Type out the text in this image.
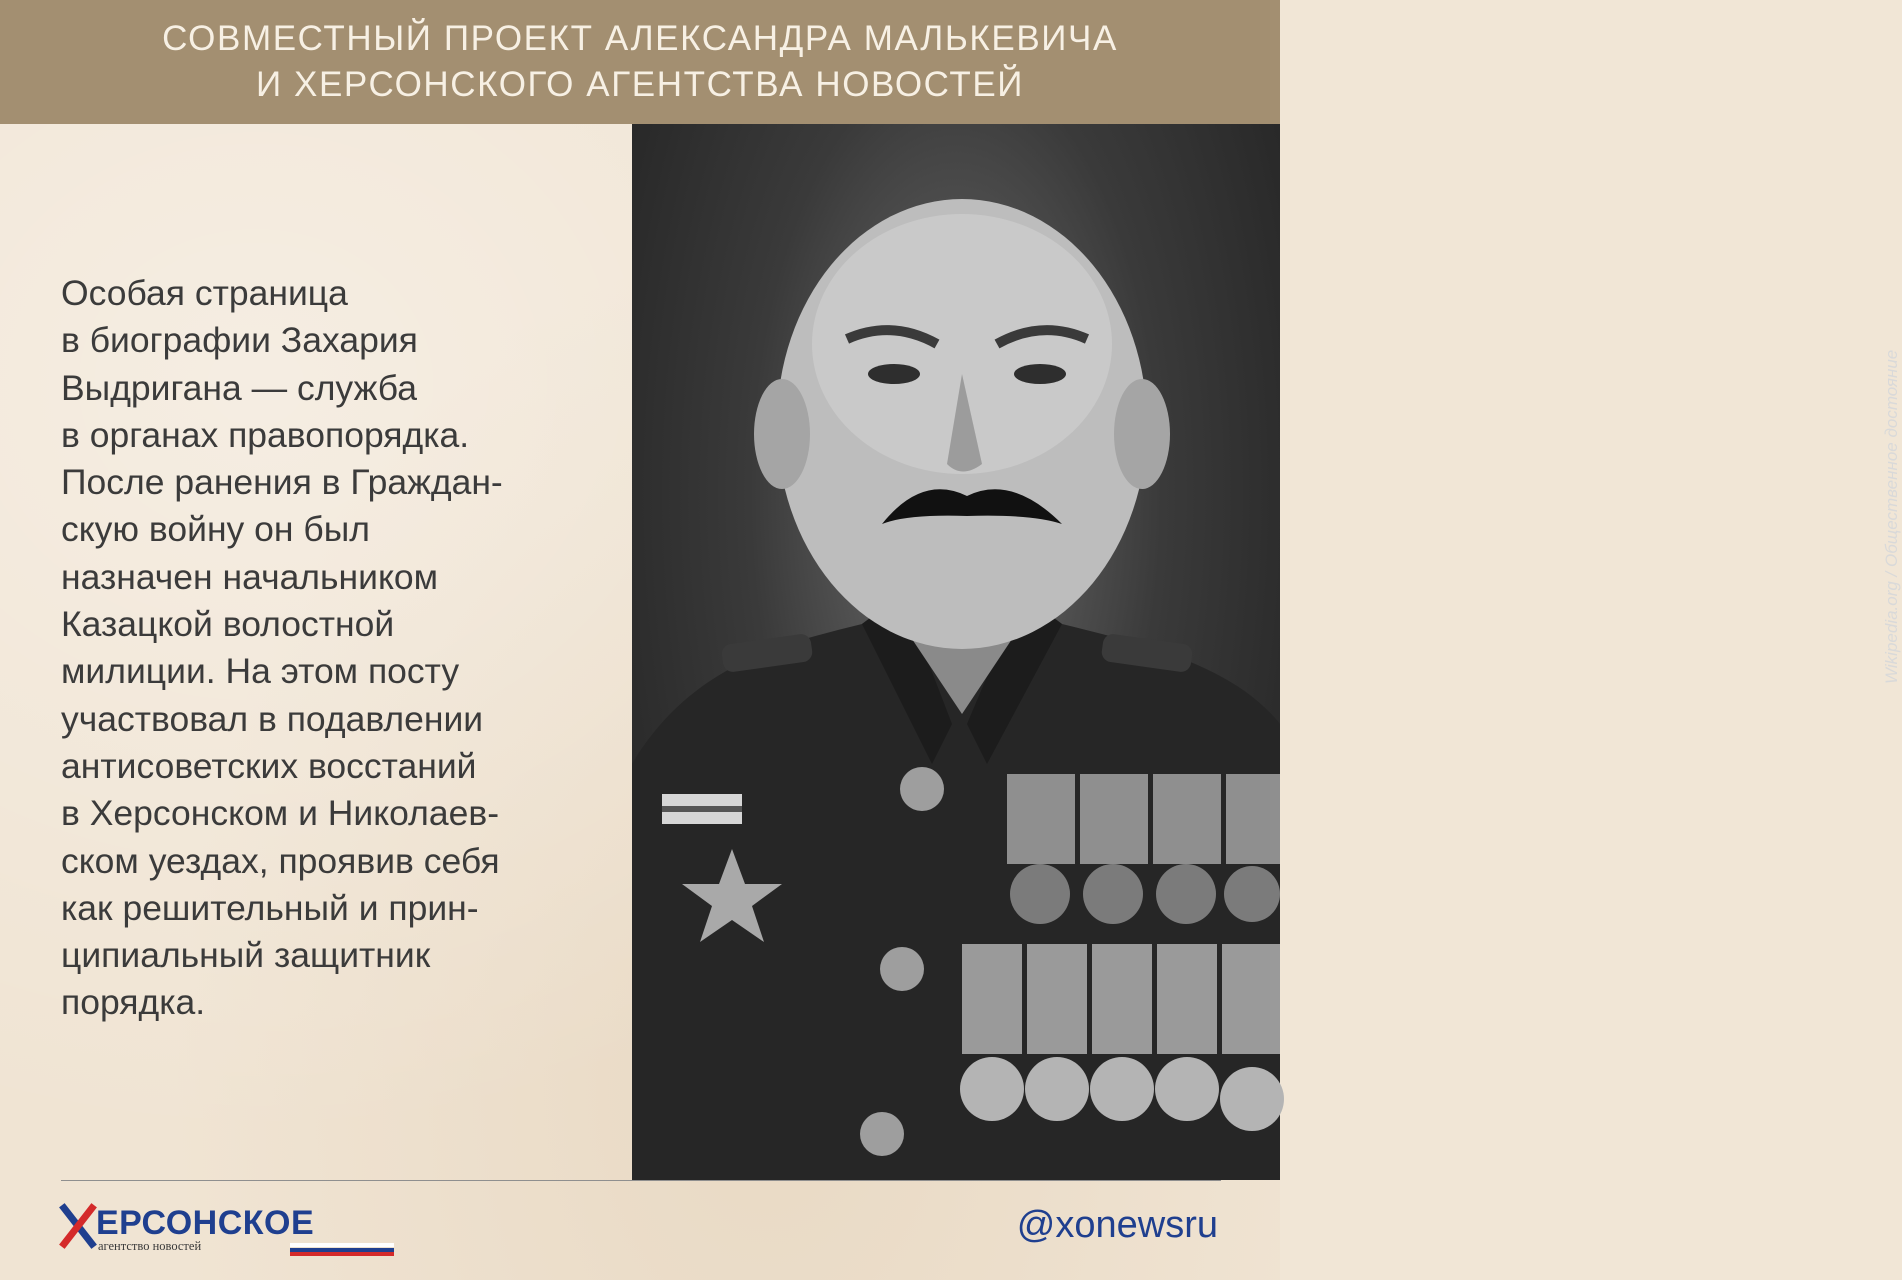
СОВМЕСТНЫЙ ПРОЕКТ АЛЕКСАНДРА МАЛЬКЕВИЧА
И ХЕРСОНСКОГО АГЕНТСТВА НОВОСТЕЙ
Особая страница
в биографии Захария
Выдригана — служба
в органах правопорядка.
После ранения в Граждан-
скую войну он был
назначен начальником
Казацкой волостной
милиции. На этом посту
участвовал в подавлении
антисоветских восстаний
в Херсонском и Николаев-
ском уездах, проявив себя
как решительный и прин-
ципиальный защитник
порядка.
Wikipedia.org / Общественное достояние
ЕРСОНСКОЕ
агентство новостей	@xonewsru
